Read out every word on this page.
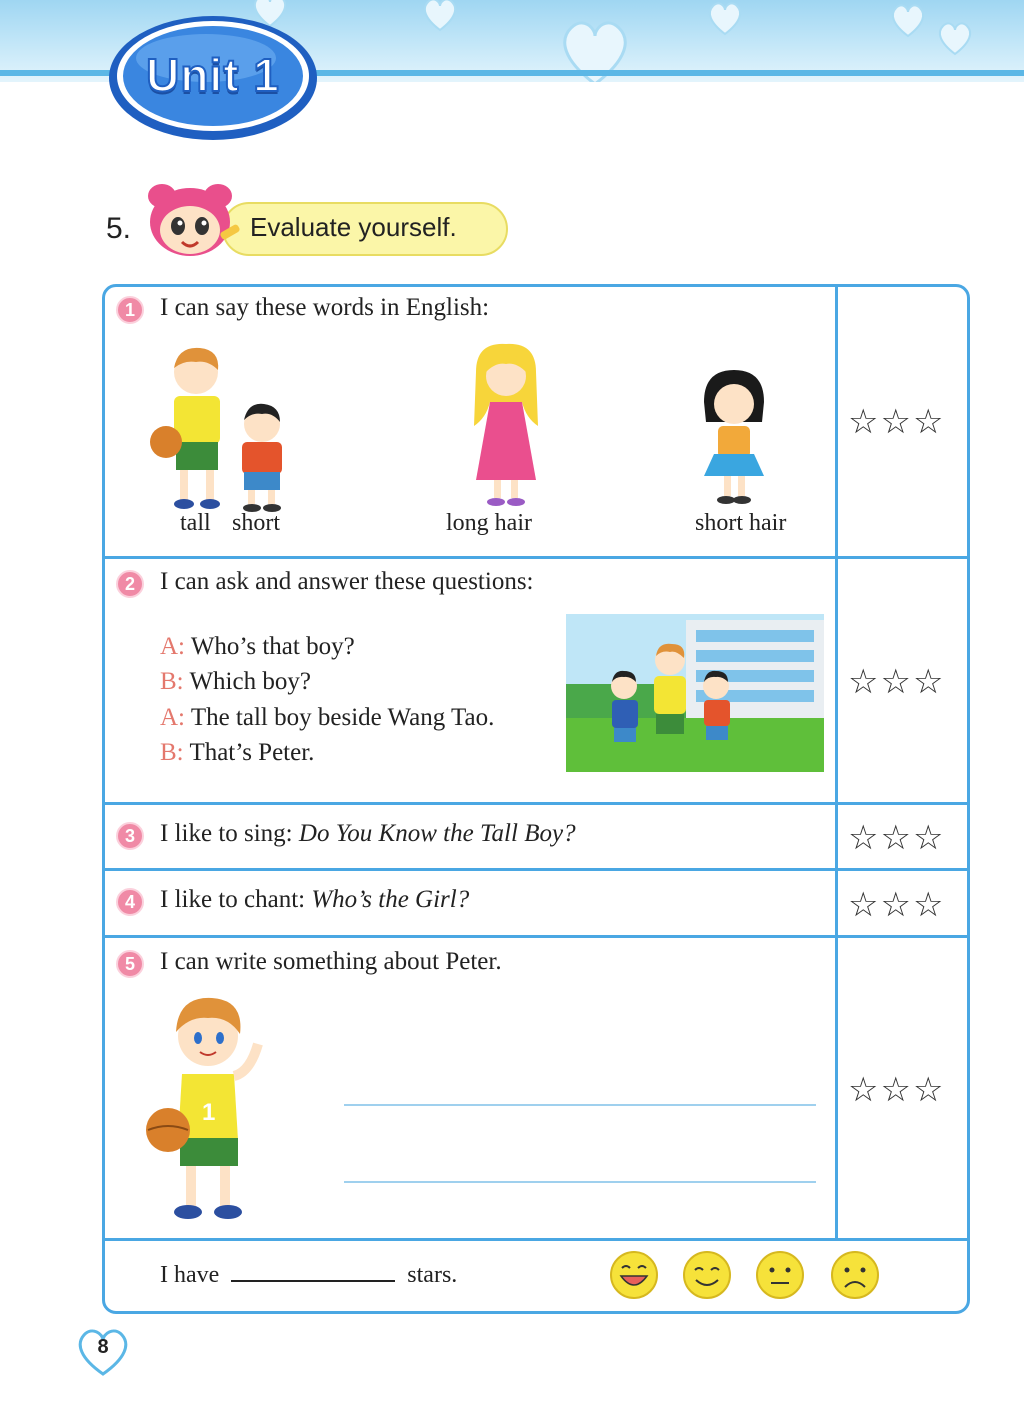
Unit 1
5.	Evaluate yourself.
1	I can say these words in English:
tall short	long hair	short hair
☆☆☆
2	I can ask and answer these questions:
A: Who’s that boy?
B: Which boy?
A: The tall boy beside Wang Tao.
B: That’s Peter.
☆☆☆
3	I like to sing: Do You Know the Tall Boy?	☆☆☆
4	I like to chant: Who’s the Girl?	☆☆☆
5	I can write something about Peter.
1
☆☆☆
I have	stars.
8
